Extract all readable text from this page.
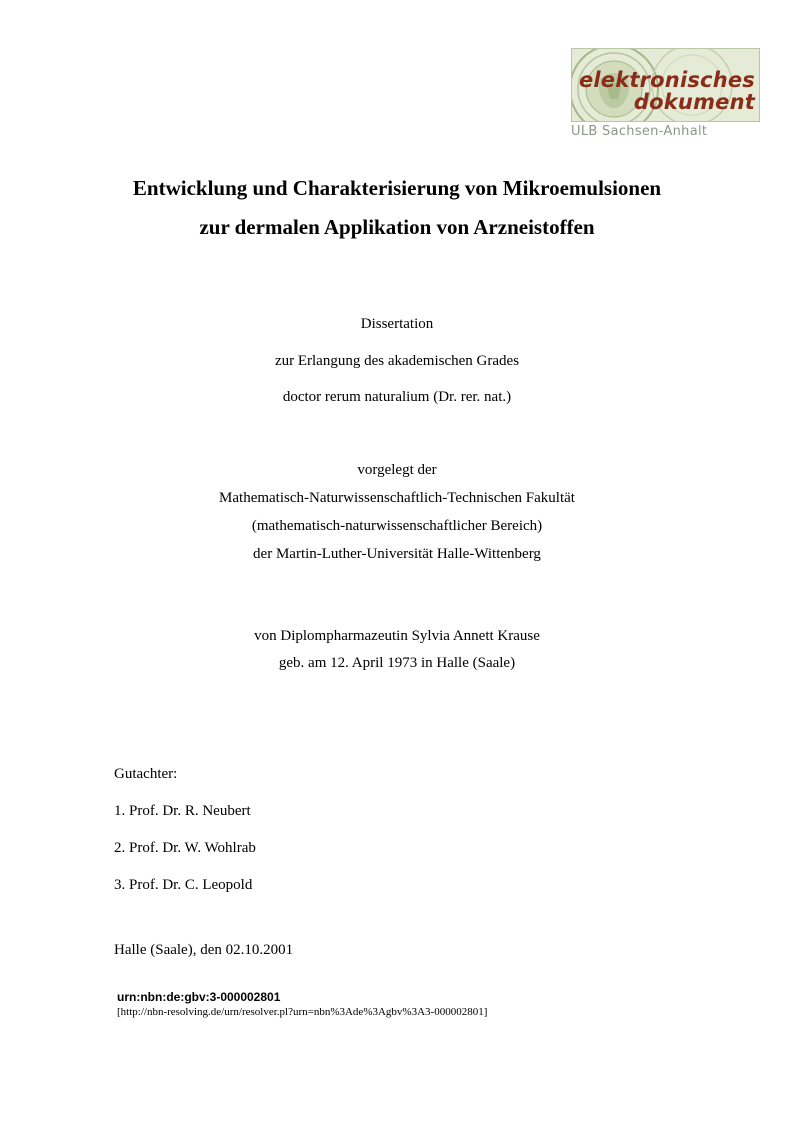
elektronisches
dokument
ULB Sachsen-Anhalt
Entwicklung und Charakterisierung von Mikroemulsionen
zur dermalen Applikation von Arzneistoffen
Dissertation
zur Erlangung des akademischen Grades
doctor rerum naturalium (Dr. rer. nat.)
vorgelegt der
Mathematisch-Naturwissenschaftlich-Technischen Fakultät
(mathematisch-naturwissenschaftlicher Bereich)
der Martin-Luther-Universität Halle-Wittenberg
von Diplompharmazeutin Sylvia Annett Krause
geb. am 12. April 1973 in Halle (Saale)
Gutachter:
1. Prof. Dr. R. Neubert
2. Prof. Dr. W. Wohlrab
3. Prof. Dr. C. Leopold
Halle (Saale), den 02.10.2001
urn:nbn:de:gbv:3-000002801
[http://nbn-resolving.de/urn/resolver.pl?urn=nbn%3Ade%3Agbv%3A3-000002801]
